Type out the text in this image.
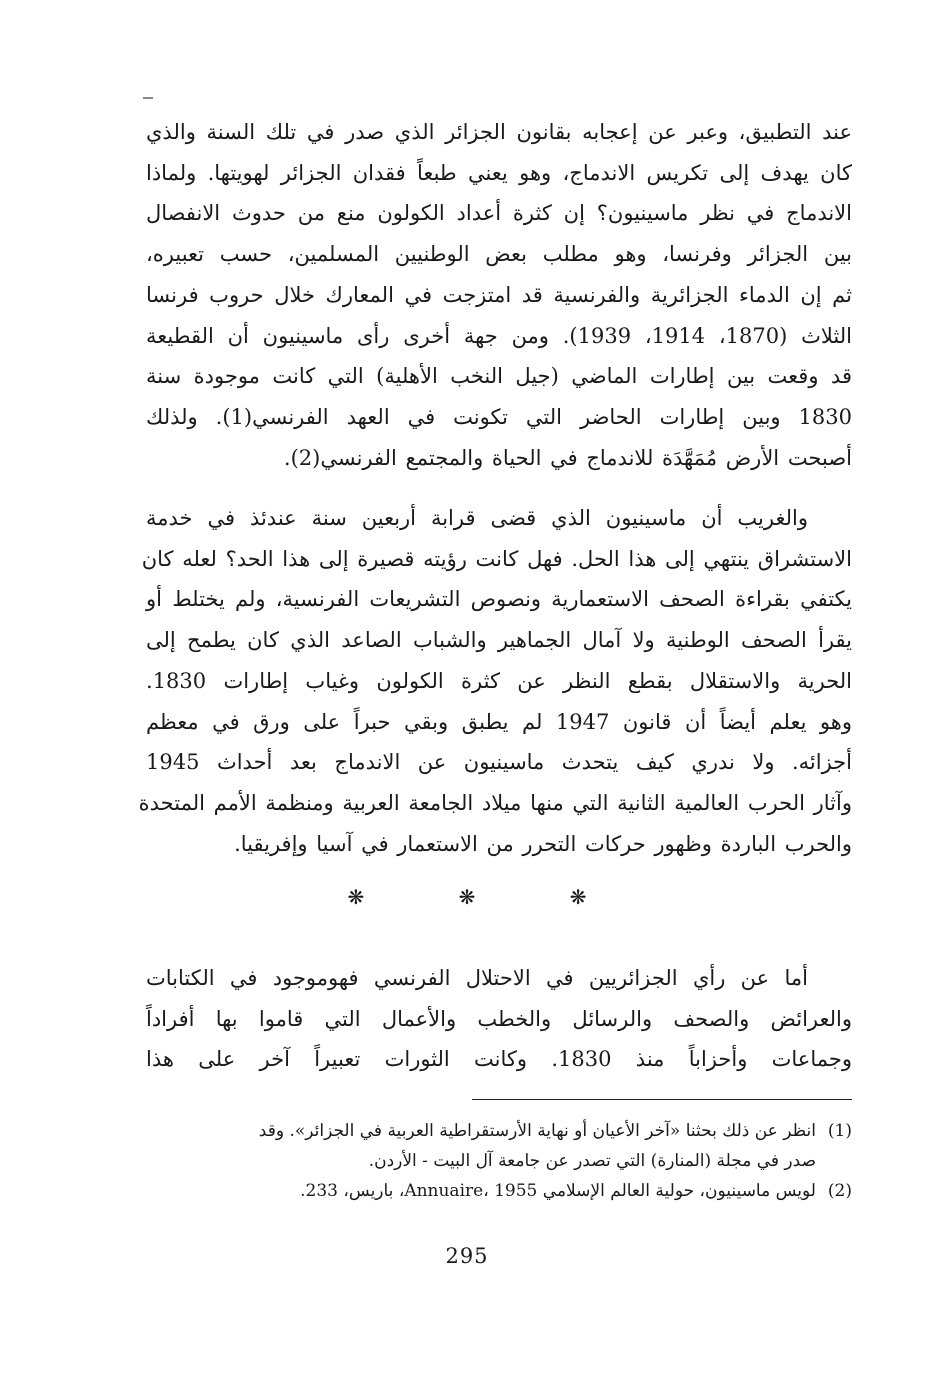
عند التطبيق، وعبر عن إعجابه بقانون الجزائر الذي صدر في تلك السنة والذي
كان يهدف إلى تكريس الاندماج، وهو يعني طبعاً فقدان الجزائر لهويتها. ولماذا
الاندماج في نظر ماسينيون؟ إن كثرة أعداد الكولون منع من حدوث الانفصال
بين الجزائر وفرنسا، وهو مطلب بعض الوطنيين المسلمين، حسب تعبيره،
ثم إن الدماء الجزائرية والفرنسية قد امتزجت في المعارك خلال حروب فرنسا
الثلاث (1870، 1914، 1939). ومن جهة أخرى رأى ماسينيون أن القطيعة
قد وقعت بين إطارات الماضي (جيل النخب الأهلية) التي كانت موجودة سنة
1830 وبين إطارات الحاضر التي تكونت في العهد الفرنسي(1). ولذلك
أصبحت الأرض مُمَهَّدَة للاندماج في الحياة والمجتمع الفرنسي(2).
والغريب أن ماسينيون الذي قضى قرابة أربعين سنة عندئذ في خدمة
الاستشراق ينتهي إلى هذا الحل. فهل كانت رؤيته قصيرة إلى هذا الحد؟ لعله كان
يكتفي بقراءة الصحف الاستعمارية ونصوص التشريعات الفرنسية، ولم يختلط أو
يقرأ الصحف الوطنية ولا آمال الجماهير والشباب الصاعد الذي كان يطمح إلى
الحرية والاستقلال بقطع النظر عن كثرة الكولون وغياب إطارات 1830.
وهو يعلم أيضاً أن قانون 1947 لم يطبق وبقي حبراً على ورق في معظم
أجزائه. ولا ندري كيف يتحدث ماسينيون عن الاندماج بعد أحداث 1945
وآثار الحرب العالمية الثانية التي منها ميلاد الجامعة العربية ومنظمة الأمم المتحدة
والحرب الباردة وظهور حركات التحرر من الاستعمار في آسيا وإفريقيا.
❋ ❋ ❋
أما عن رأي الجزائريين في الاحتلال الفرنسي فهوموجود في الكتابات
والعرائض والصحف والرسائل والخطب والأعمال التي قاموا بها أفراداً
وجماعات وأحزاباً منذ 1830. وكانت الثورات تعبيراً آخر على هذا
(1)انظر عن ذلك بحثنا «آخر الأعيان أو نهاية الأرستقراطية العربية في الجزائر». وقد
صدر في مجلة (المنارة) التي تصدر عن جامعة آل البيت - الأردن.
(2)لويس ماسينيون، حولية العالم الإسلامي Annuaire، 1955، باريس، 233.
295
